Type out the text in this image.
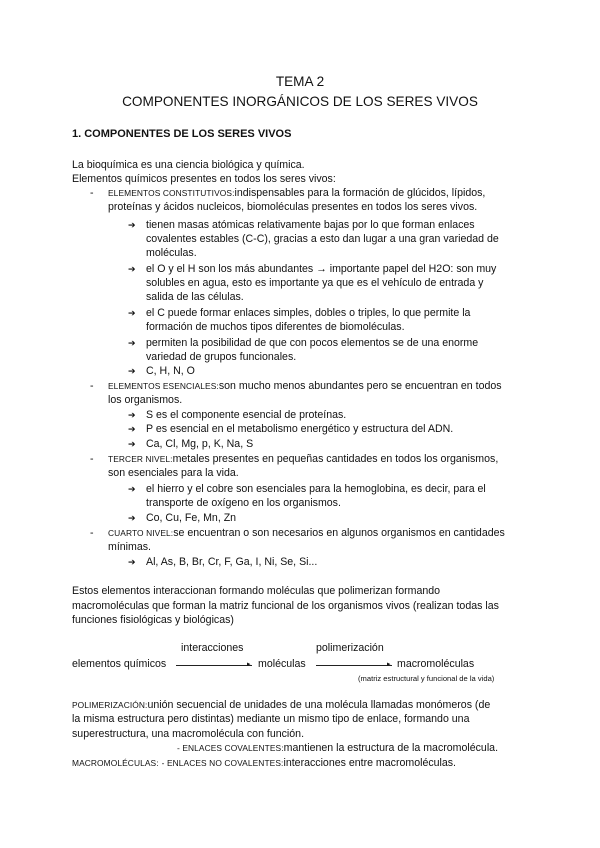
TEMA 2
COMPONENTES INORGÁNICOS DE LOS SERES VIVOS
1. COMPONENTES DE LOS SERES VIVOS
La bioquímica es una ciencia biológica y química.
Elementos químicos presentes en todos los seres vivos:
- ELEMENTOS CONSTITUTIVOS:indispensables para la formación de glúcidos, lípidos,
proteínas y ácidos nucleicos, biomoléculas presentes en todos los seres vivos.
➔ tienen masas atómicas relativamente bajas por lo que forman enlaces
covalentes estables (C-C), gracias a esto dan lugar a una gran variedad de
moléculas.
➔ el O y el H son los más abundantes → importante papel del H2O: son muy
solubles en agua, esto es importante ya que es el vehículo de entrada y
salida de las células.
➔ el C puede formar enlaces simples, dobles o triples, lo que permite la
formación de muchos tipos diferentes de biomoléculas.
➔ permiten la posibilidad de que con pocos elementos se de una enorme
variedad de grupos funcionales.
➔ C, H, N, O
- ELEMENTOS ESENCIALES:son mucho menos abundantes pero se encuentran en todos
los organismos.
➔ S es el componente esencial de proteínas.
➔ P es esencial en el metabolismo energético y estructura del ADN.
➔ Ca, Cl, Mg, p, K, Na, S
- TERCER NIVEL:metales presentes en pequeñas cantidades en todos los organismos,
son esenciales para la vida.
➔ el hierro y el cobre son esenciales para la hemoglobina, es decir, para el
transporte de oxígeno en los organismos.
➔ Co, Cu, Fe, Mn, Zn
- CUARTO NIVEL:se encuentran o son necesarios en algunos organismos en cantidades
mínimas.
➔ Al, As, B, Br, Cr, F, Ga, I, Ni, Se, Si...
Estos elementos interaccionan formando moléculas que polimerizan formando
macromoléculas que forman la matriz funcional de los organismos vivos (realizan todas las
funciones fisiológicas y biológicas)
interacciones	polimerización
elementos químicos	▸ moléculas	▸ macromoléculas
(matriz estructural y funcional de la vida)
POLIMERIZACIÓN:unión secuencial de unidades de una molécula llamadas monómeros (de
la misma estructura pero distintas) mediante un mismo tipo de enlace, formando una
superestructura, una macromolécula con función.
- ENLACES COVALENTES:mantienen la estructura de la macromolécula.
MACROMOLÉCULAS: - ENLACES NO COVALENTES:interacciones entre macromoléculas.
